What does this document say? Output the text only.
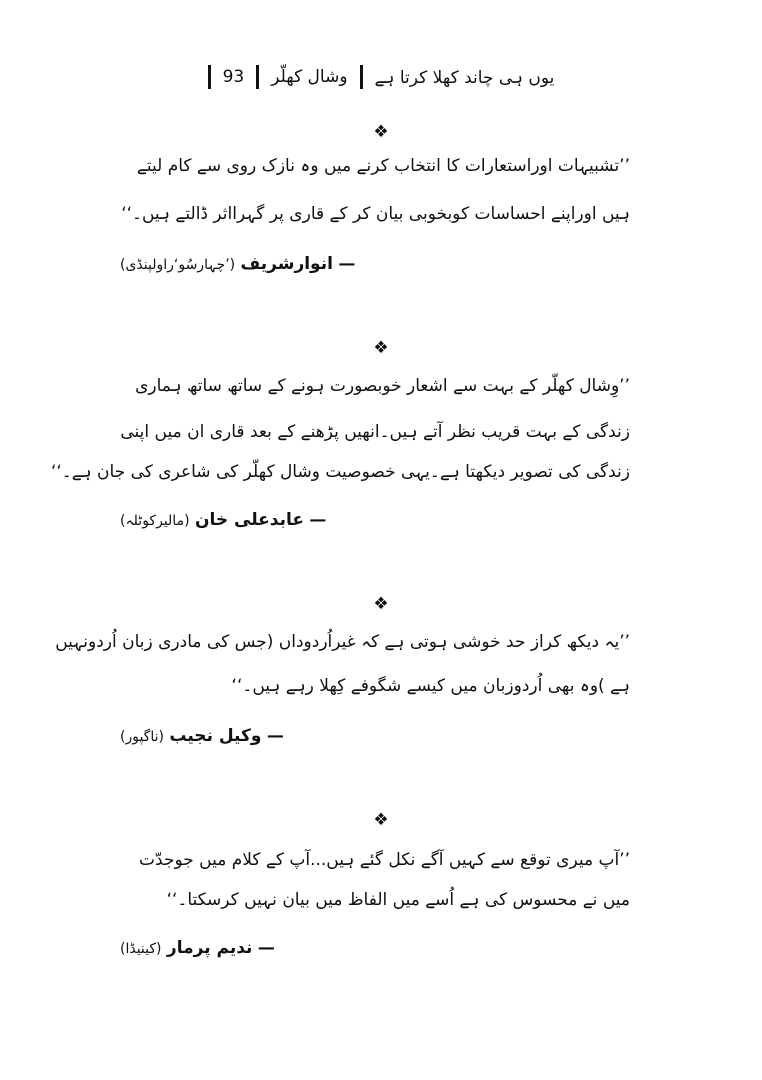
یوں ہی چاند کھلا کرتا ہے
وشال کھلّر
93
❖
’’تشبیہات اوراستعارات کا انتخاب کرنے میں وہ نازک روی سے کام لیتے
ہیں اوراپنے احساسات کوبخوبی بیان کر کے قاری پر گہرااثر ڈالتے ہیں۔‘‘
— انوارشریف (’چہارسُو‘راولپنڈی)
❖
’’وِشال کھلّر کے بہت سے اشعار خوبصورت ہونے کے ساتھ ساتھ ہماری
زندگی کے بہت قریب نظر آتے ہیں۔انھیں پڑھنے کے بعد قاری ان میں اپنی
زندگی کی تصویر دیکھتا ہے۔یہی خصوصیت وشال کھلّر کی شاعری کی جان ہے۔‘‘
— عابدعلی خان (مالیرکوٹلہ)
❖
’’یہ دیکھ کراز حد خوشی ہوتی ہے کہ غیراُردوداں (جس کی مادری زبان اُردونہیں
ہے )وہ بھی اُردوزبان میں کیسے شگوفے کِھلا رہے ہیں۔‘‘
— وکیل نجیب (ناگپور)
❖
’’آپ میری توقع سے کہیں آگے نکل گئے ہیں...آپ کے کلام میں جوجدّت
میں نے محسوس کی ہے اُسے میں الفاظ میں بیان نہیں کرسکتا۔‘‘
— ندیم پرمار (کینیڈا)
